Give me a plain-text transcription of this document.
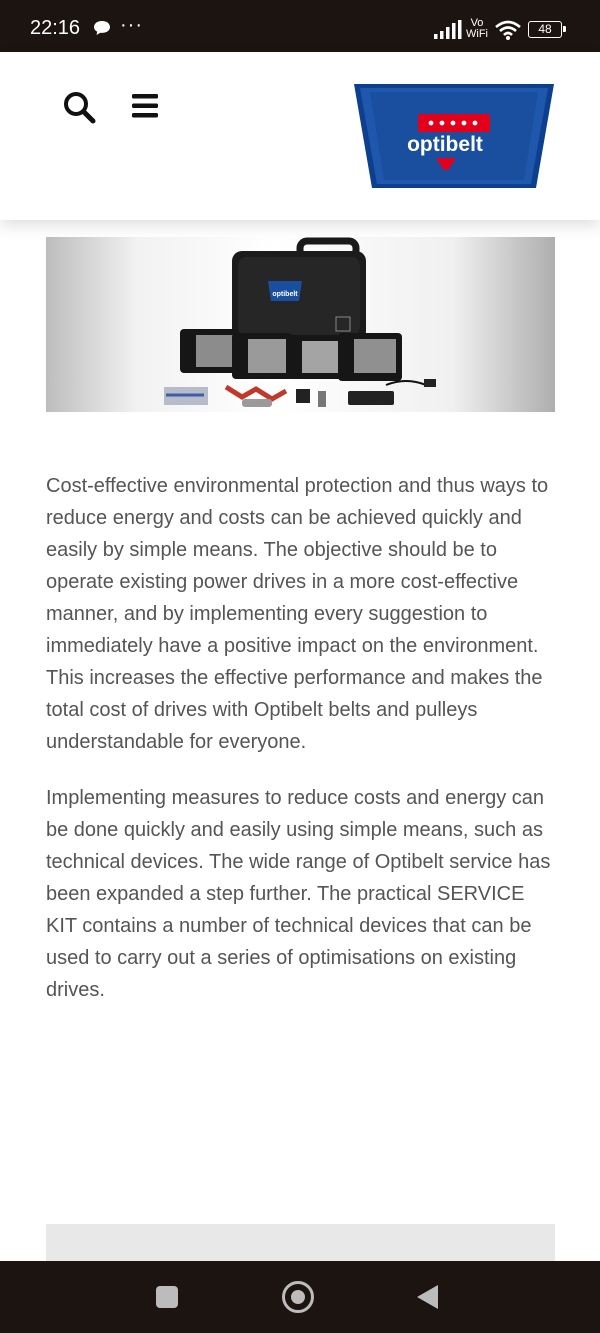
22:16 ···	Vo
WiFi	48
optibelt
optibelt

Cost-effective environmental protection and thus ways to reduce energy and costs can be achieved quickly and easily by simple means. The objective should be to operate existing power drives in a more cost-effective manner, and by implementing every suggestion to immediately have a positive impact on the environment. This increases the effective performance and makes the total cost of drives with Optibelt belts and pulleys understandable for everyone.

Implementing measures to reduce costs and energy can be done quickly and easily using simple means, such as technical devices. The wide range of Optibelt service has been expanded a step further. The practical SERVICE KIT contains a number of technical devices that can be used to carry out a series of optimisations on existing drives.
